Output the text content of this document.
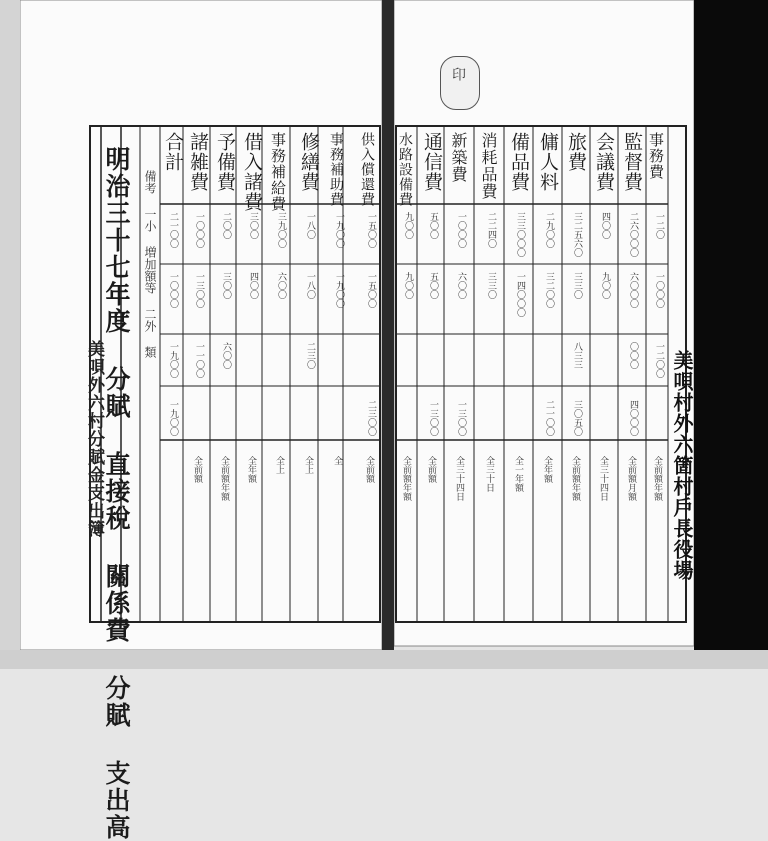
印
明治三十七年度 分賦 直接稅 關係費 分賦 支出高 備考 一小 増加額等 二外 類
美唄外六村分賦金支出簿	美唄村外六箇村戶長役場
事務費
一二〇
一〇〇〇
一二〇〇
全前額年額
監督費
二六〇〇〇
六〇〇〇
〇〇〇
四〇〇〇
全前額月額
会議費
四〇〇
九〇〇
全三十四日
旅費
三二五六〇
三三〇
八三三
三〇五〇
全前額年額
傭人料
二九〇〇
三二〇〇
二一〇〇
全年額
備品費
三三〇〇〇
一四〇〇〇
全一年額
消耗品費
二二四〇
三三〇
全三十日
新築費
一〇〇〇
六〇〇
一三〇〇
全三十四日
通信費
五〇〇
五〇〇
一三〇〇
全前額
水路設備費
九〇〇
九〇〇
全前額年額
供入償還費
一五〇〇
一五〇〇
二三〇〇
全前額
事務補助費
一九〇〇
一九〇〇
全
修繕費
一八〇
一八〇
二三〇
全上
事務補給費
三九〇〇
六〇〇
全上
借入諸費
三〇〇
四〇〇
全年額
予備費
二〇〇
三〇〇
六〇〇
全前額年額
諸雑費
一〇〇〇
一三〇〇
一一〇〇
全前額
合計
二一〇〇
一〇〇〇
一九〇〇
一九〇〇
